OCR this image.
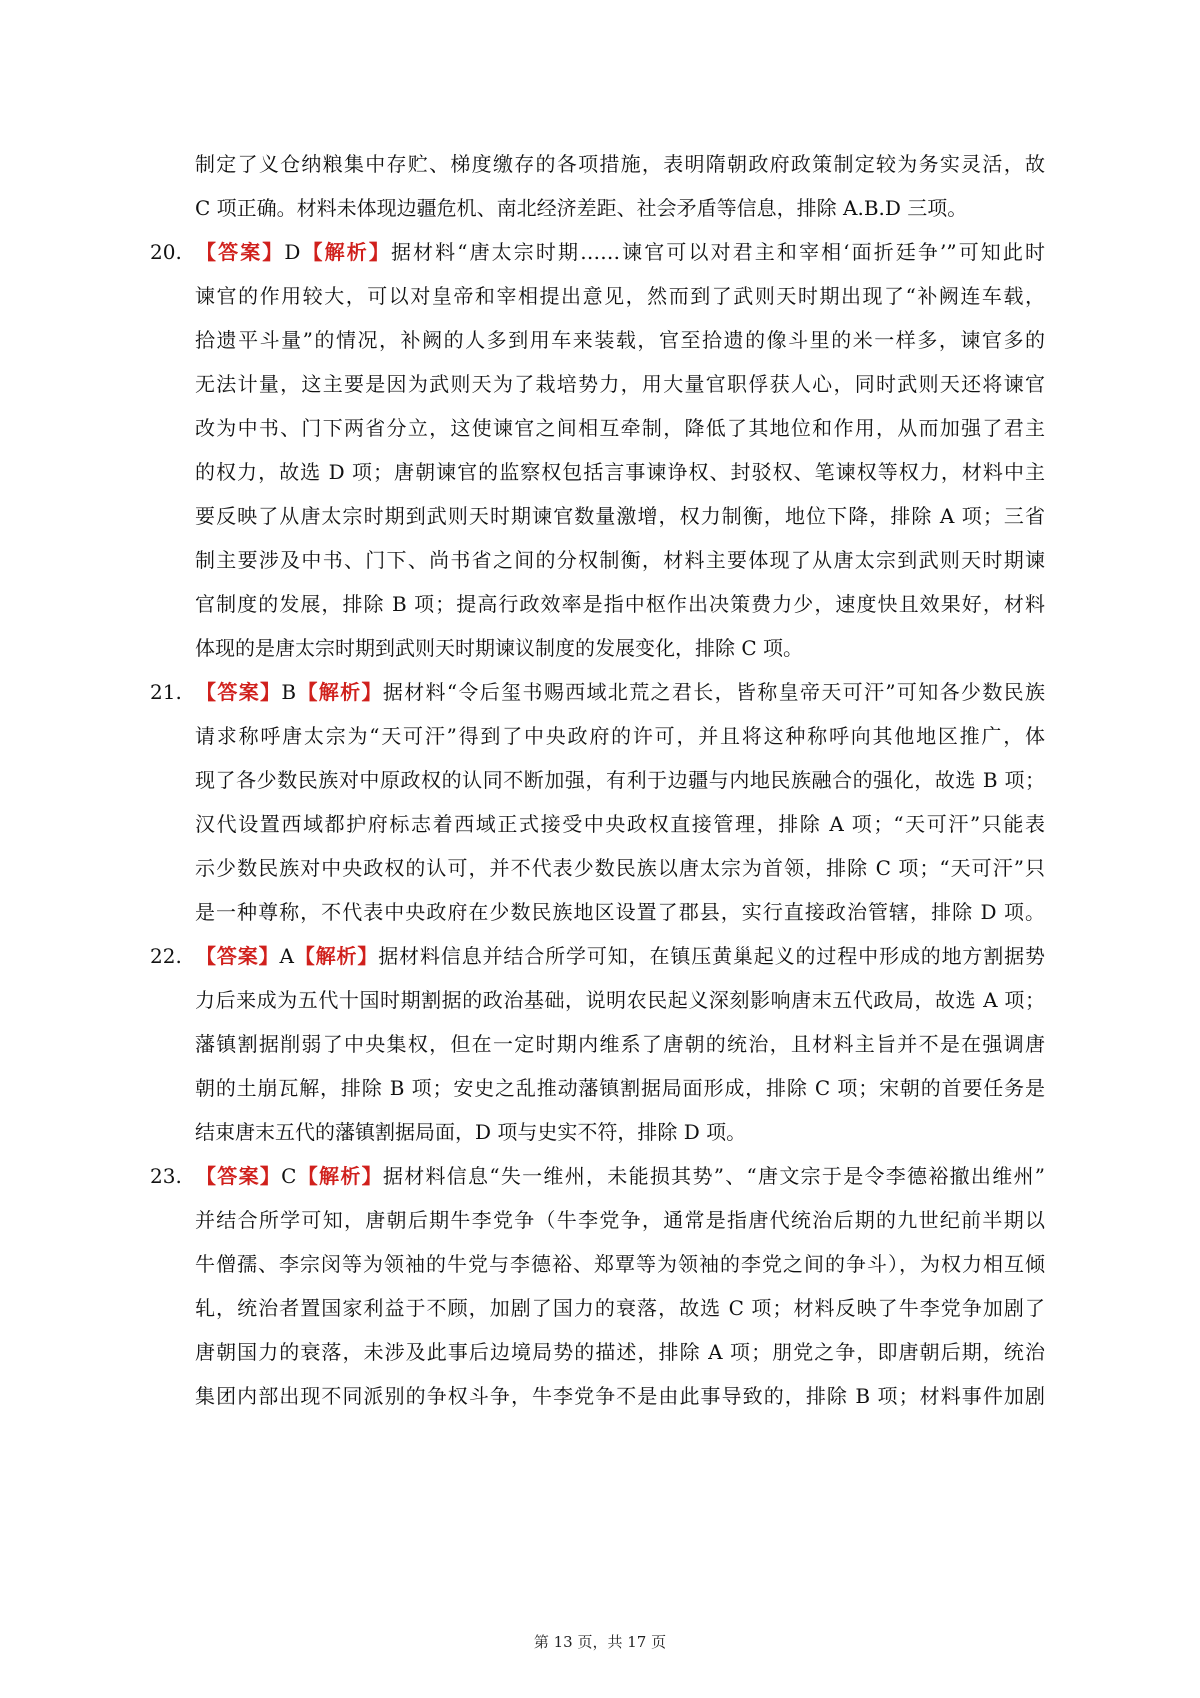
制定了义仓纳粮集中存贮、梯度缴存的各项措施，表明隋朝政府政策制定较为务实灵活，故
C 项正确。材料未体现边疆危机、南北经济差距、社会矛盾等信息，排除 A.B.D 三项。
20. 【答案】D【解析】据材料“唐太宗时期……谏官可以对君主和宰相‘面折廷争’”可知此时
谏官的作用较大，可以对皇帝和宰相提出意见，然而到了武则天时期出现了“补阙连车载，
拾遗平斗量”的情况，补阙的人多到用车来装载，官至拾遗的像斗里的米一样多，谏官多的
无法计量，这主要是因为武则天为了栽培势力，用大量官职俘获人心，同时武则天还将谏官
改为中书、门下两省分立，这使谏官之间相互牵制，降低了其地位和作用，从而加强了君主
的权力，故选 D 项；唐朝谏官的监察权包括言事谏诤权、封驳权、笔谏权等权力，材料中主
要反映了从唐太宗时期到武则天时期谏官数量激增，权力制衡，地位下降，排除 A 项；三省
制主要涉及中书、门下、尚书省之间的分权制衡，材料主要体现了从唐太宗到武则天时期谏
官制度的发展，排除 B 项；提高行政效率是指中枢作出决策费力少，速度快且效果好，材料
体现的是唐太宗时期到武则天时期谏议制度的发展变化，排除 C 项。
21. 【答案】B【解析】据材料“令后玺书赐西域北荒之君长，皆称皇帝天可汗”可知各少数民族
请求称呼唐太宗为“天可汗”得到了中央政府的许可，并且将这种称呼向其他地区推广，体
现了各少数民族对中原政权的认同不断加强，有利于边疆与内地民族融合的强化，故选 B 项；
汉代设置西域都护府标志着西域正式接受中央政权直接管理，排除 A 项；“天可汗”只能表
示少数民族对中央政权的认可，并不代表少数民族以唐太宗为首领，排除 C 项；“天可汗”只
是一种尊称，不代表中央政府在少数民族地区设置了郡县，实行直接政治管辖，排除 D 项。
22. 【答案】A【解析】据材料信息并结合所学可知，在镇压黄巢起义的过程中形成的地方割据势
力后来成为五代十国时期割据的政治基础，说明农民起义深刻影响唐末五代政局，故选 A 项；
藩镇割据削弱了中央集权，但在一定时期内维系了唐朝的统治，且材料主旨并不是在强调唐
朝的土崩瓦解，排除 B 项；安史之乱推动藩镇割据局面形成，排除 C 项；宋朝的首要任务是
结束唐末五代的藩镇割据局面，D 项与史实不符，排除 D 项。
23. 【答案】C【解析】据材料信息“失一维州，未能损其势”、“唐文宗于是令李德裕撤出维州”
并结合所学可知，唐朝后期牛李党争（牛李党争，通常是指唐代统治后期的九世纪前半期以
牛僧孺、李宗闵等为领袖的牛党与李德裕、郑覃等为领袖的李党之间的争斗），为权力相互倾
轧，统治者置国家利益于不顾，加剧了国力的衰落，故选 C 项；材料反映了牛李党争加剧了
唐朝国力的衰落，未涉及此事后边境局势的描述，排除 A 项；朋党之争，即唐朝后期，统治
集团内部出现不同派别的争权斗争，牛李党争不是由此事导致的，排除 B 项；材料事件加剧
第 13 页，共 17 页
